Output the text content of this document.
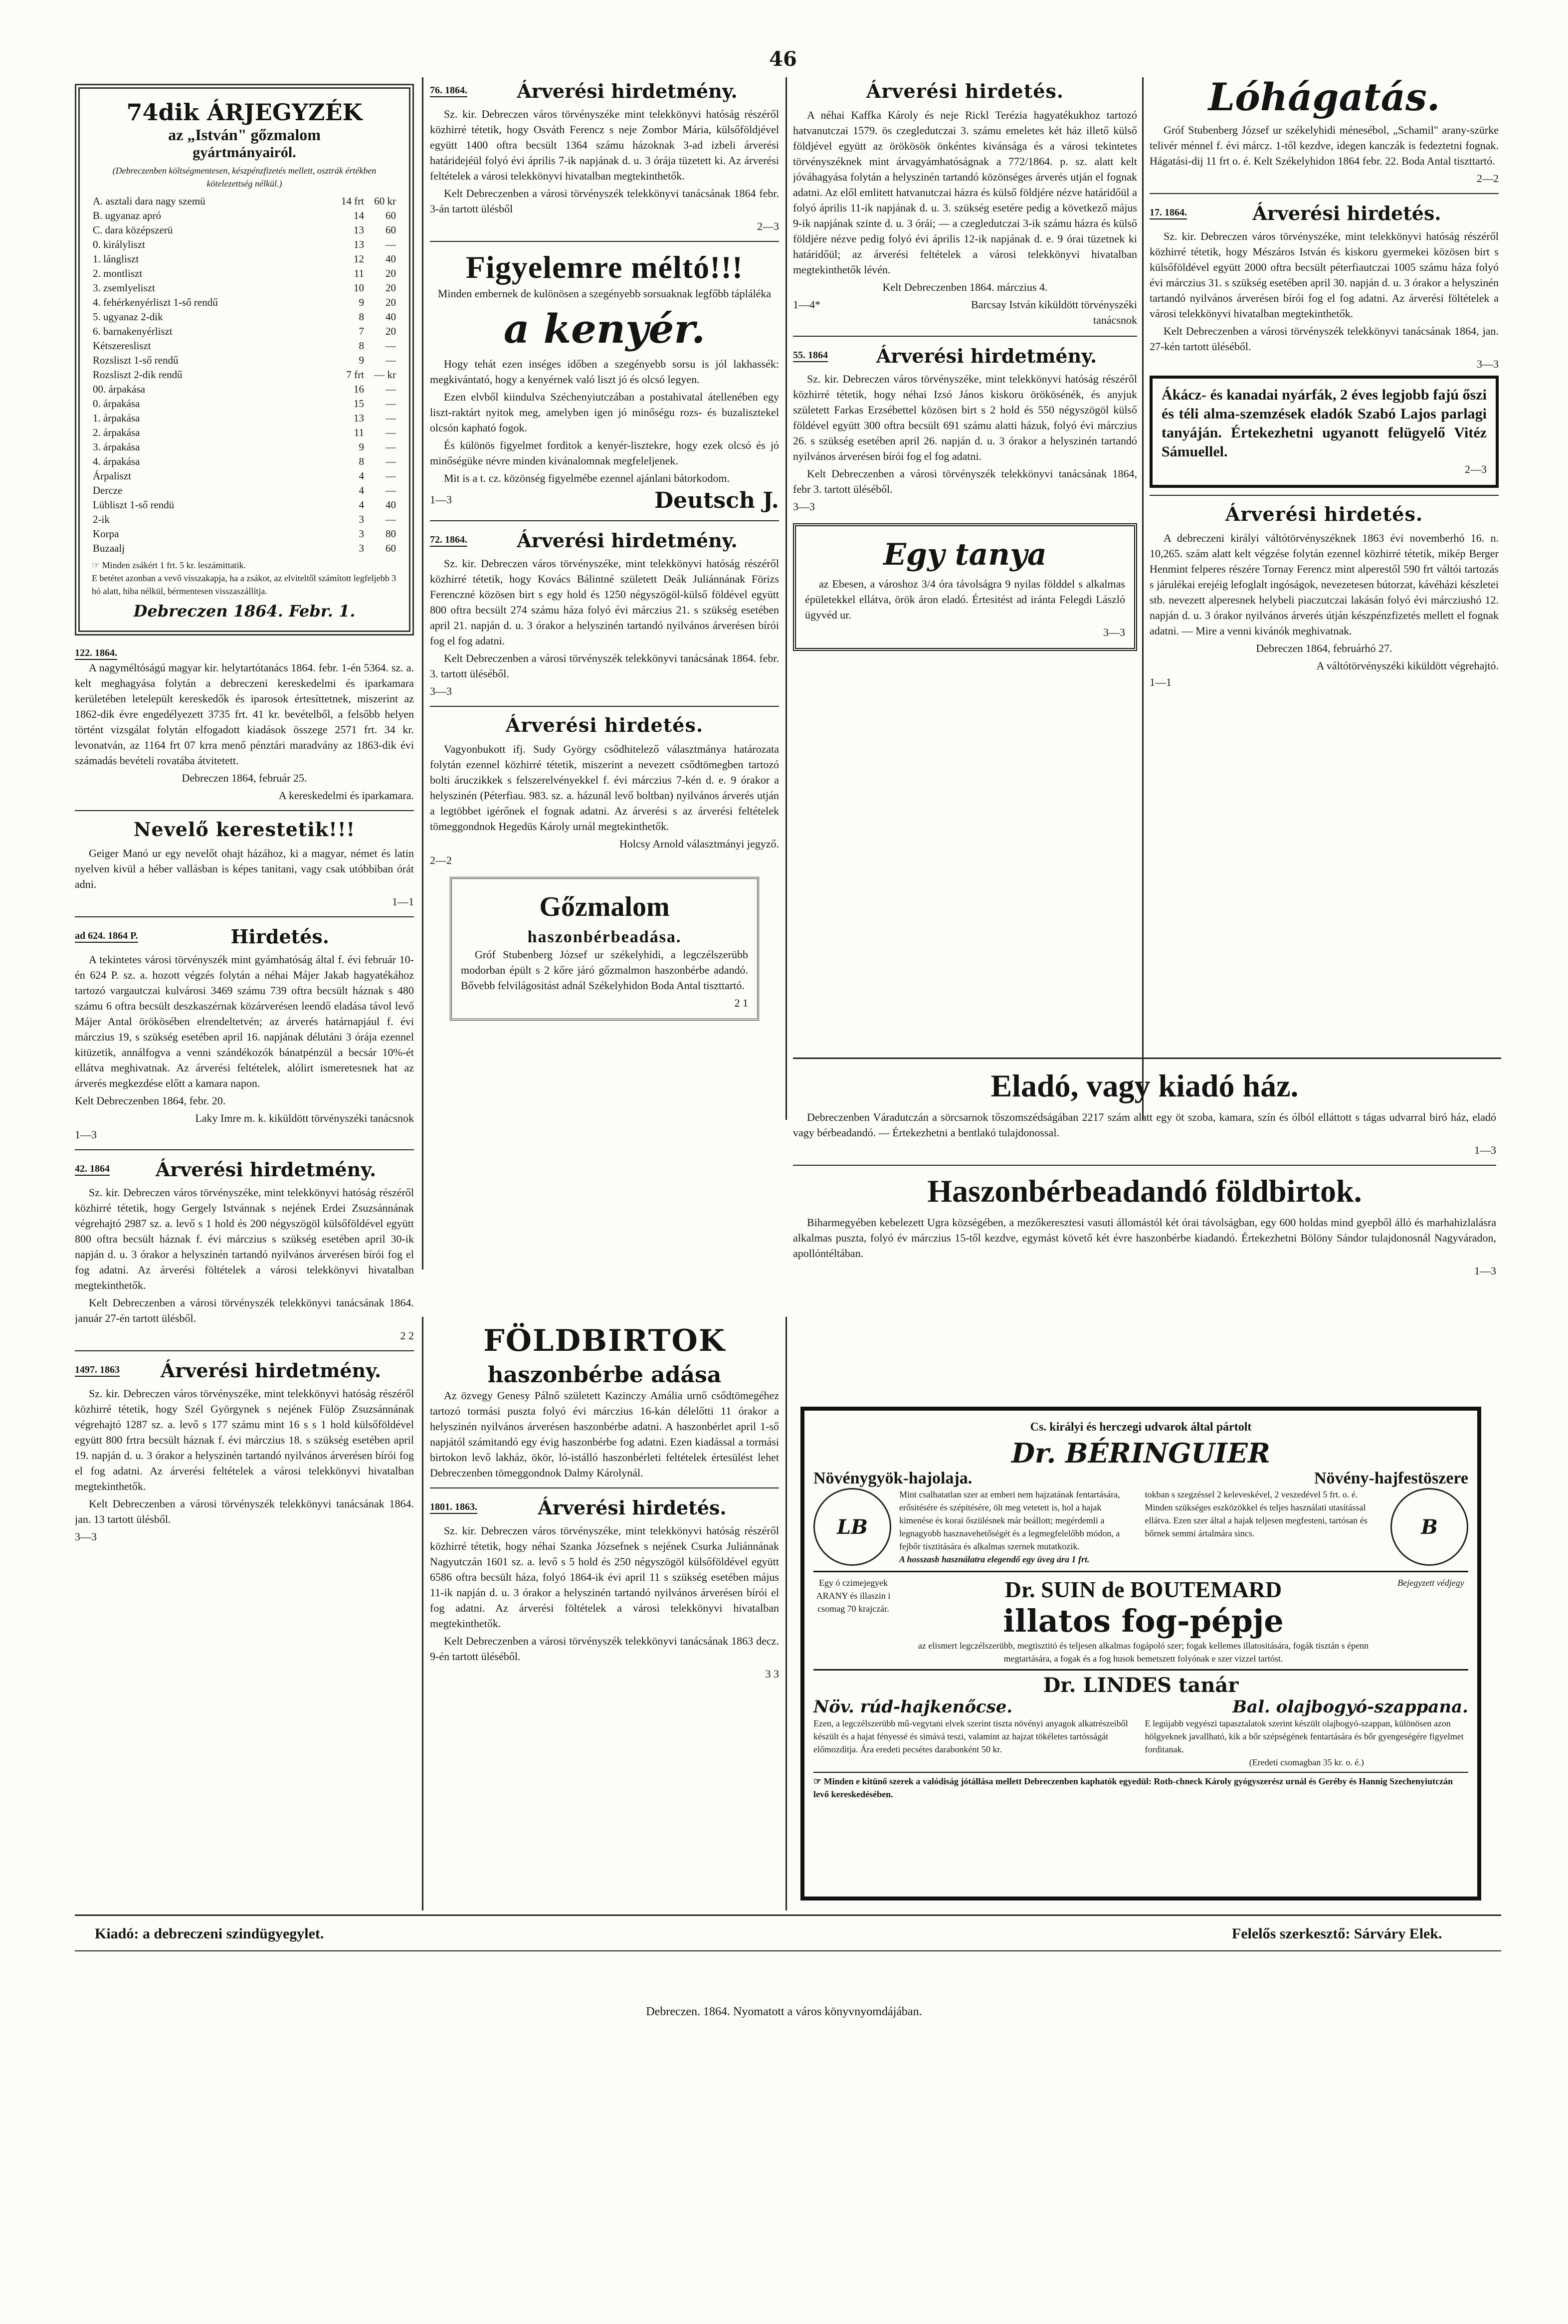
46
74dik ÁRJEGYZÉK
az „István" gőzmalom
gyártmányairól.
(Debreczenben költségmentesen, készpénzfizetés mellett, osztrák értékben kötelezettség nélkül.)
A. asztali dara nagy szemü	14 frt	60 kr
B. ugyanaz apró	14	60
C. dara középszerü	13	60
0. királyliszt	13	—
1. lángliszt	12	40
2. montliszt	11	20
3. zsemlyeliszt	10	20
4. fehérkenyérliszt 1-ső rendű	9	20
5. ugyanaz 2-dik	8	40
6. barnakenyérliszt	7	20
Kétszeresliszt	8	—
Rozsliszt 1-ső rendű	9	—
Rozsliszt 2-dik rendű	7 frt	— kr
00. árpakása	16	—
0. árpakása	15	—
1. árpakása	13	—
2. árpakása	11	—
3. árpakása	9	—
4. árpakása	8	—
Árpaliszt	4	—
Dercze	4	—
Lübliszt 1-ső rendü	4	40
2-ik	3	—
Korpa	3	80
Buzaalj	3	60
☞ Minden zsákért 1 frt. 5 kr. leszámittatik.
E betétet azonban a vevő visszakapja, ha a zsákot, az elviteltől számított legfeljebb 3 hó alatt, hiba nélkül, bérmentesen visszaszállítja.
Debreczen 1864. Febr. 1.
122. 1864.
A nagyméltóságú magyar kir. helytartótanács 1864. febr. 1-én 5364. sz. a. kelt meghagyása folytán a debreczeni kereskedelmi és iparkamara kerületében letelepült kereskedők és iparosok értesíttetnek, miszerint az 1862-dik évre engedélyezett 3735 frt. 41 kr. bevételből, a felsőbb helyen történt vizsgálat folytán elfogadott kiadások összege 2571 frt. 34 kr. levonatván, az 1164 frt 07 krra menő pénztári maradvány az 1863-dik évi számadás bevételi rovatába átvitetett.
Debreczen 1864, február 25.
A kereskedelmi és iparkamara.
Nevelő kerestetik!!!
Geiger Manó ur egy nevelőt ohajt házához, ki a magyar, német és latin nyelven kivül a héber vallásban is képes tanitani, vagy csak utóbbiban órát adni.
1—1
ad 624. 1864 P.	Hirdetés.
A tekintetes városi törvényszék mint gyámhatóság által f. évi február 10-én 624 P. sz. a. hozott végzés folytán a néhai Májer Jakab hagyatékához tartozó vargautczai kulvárosi 3469 számu 739 oftra becsült háznak s 480 számu 6 oftra becsült deszkaszérnak közárverésen leendő eladása távol levő Májer Antal örökösében elrendeltetvén; az árverés határnapjául f. évi márczius 19, s szükség esetében april 16. napjának délutáni 3 órája ezennel kitüzetik, annálfogva a venni szándékozók bánatpénzül a becsár 10%-ét ellátva meghivatnak. Az árverési feltételek, alólirt ismeretesnek hat az árverés megkezdése előtt a kamara napon.
Kelt Debreczenben 1864, febr. 20.
Laky Imre m. k. kiküldött törvényszéki tanácsnok
1—3
42. 1864	Árverési hirdetmény.
Sz. kir. Debreczen város törvényszéke, mint telekkönyvi hatóság részéről közhirré tétetik, hogy Gergely Istvánnak s nejének Erdei Zsuzsánnának végrehajtó 2987 sz. a. levő s 1 hold és 200 négyszögöl külsőföldével együtt 800 oftra becsült háznak f. évi márczius s szükség esetében april 30-ik napján d. u. 3 órakor a helyszinén tartandó nyilvános árverésen bírói fog el fog adatni. Az árverési föltételek a városi telekkönyvi hivatalban megtekinthetők.
Kelt Debreczenben a városi törvényszék telekkönyvi tanácsának 1864. január 27-én tartott ülésből.
2 2
1497. 1863	Árverési hirdetmény.
Sz. kir. Debreczen város törvényszéke, mint telekkönyvi hatóság részéről közhirré tétetik, hogy Szél Györgynek s nejének Fülöp Zsuzsánnának végrehajtó 1287 sz. a. levő s 177 számu mint 16 s s 1 hold külsőföldével együtt 800 frtra becsült háznak f. évi márczius 18. s szükség esetében april 19. napján d. u. 3 órakor a helyszinén tartandó nyilvános árverésen bírói fog el fog adatni. Az árverési feltételek a városi telekkönyvi hivatalban megtekinthetők.
Kelt Debreczenben a városi törvényszék telekkönyvi tanácsának 1864. jan. 13 tartott ülésből.
3—3
76. 1864.	Árverési hirdetmény.
Sz. kir. Debreczen város törvényszéke mint telekkönyvi hatóság részéről közhirré tétetik, hogy Osváth Ferencz s neje Zombor Mária, külsőföldjével együtt 1400 oftra becsült 1364 számu házoknak 3-ad izbeli árverési határidejéül folyó évi április 7-ik napjának d. u. 3 órája tüzetett ki. Az árverési feltételek a városi telekkönyvi hivatalban megtekinthetők.
Kelt Debreczenben a városi törvényszék telekkönyvi tanácsának 1864 febr. 3-án tartott ülésből
2—3
Figyelemre méltó!!!
Minden embernek de kulönösen a szegényebb sorsuaknak legfőbb tápláléka
a kenyér.
Hogy tehát ezen inséges időben a szegényebb sorsu is jól lakhassék: megkivántató, hogy a kenyérnek való liszt jó és olcsó legyen.
Ezen elvből kiindulva Széchenyiutczában a postahivatal átellenében egy liszt-raktárt nyitok meg, amelyben igen jó minőségu rozs- és buzalisztekel olcsón kapható fogok.
És különös figyelmet forditok a kenyér-lisztekre, hogy ezek olcsó és jó minőségüke névre minden kivánalomnak megfeleljenek.
Mit is a t. cz. közönség figyelmébe ezennel ajánlani bátorkodom.
1—3	Deutsch J.
72. 1864.	Árverési hirdetmény.
Sz. kir. Debreczen város törvényszéke, mint telekkönyvi hatóság részéről közhirré tétetik, hogy Kovács Bálintné született Deák Juliánnának Förizs Ferenczné közösen birt s egy hold és 1250 négyszögöl-külső földével együtt 800 oftra becsült 274 számu háza folyó évi márczius 21. s szükség esetében april 21. napján d. u. 3 órakor a helyszinén tartandó nyilvános árverésen bírói fog el fog adatni.
Kelt Debreczenben a városi törvényszék telekkönyvi tanácsának 1864. febr. 3. tartott üléséből.
3—3
Árverési hirdetés.
Vagyonbukott ifj. Sudy György csődhitelező választmánya határozata folytán ezennel közhirré tétetik, miszerint a nevezett csődtömegben tartozó bolti áruczikkek s felszerelvényekkel f. évi márczius 7-kén d. e. 9 órakor a helyszinén (Péterfiau. 983. sz. a. házunál levő boltban) nyilvános árverés utján a legtöbbet igérőnek el fognak adatni. Az árverési s az árverési feltételek tömeggondnok Hegedüs Károly urnál megtekinthetők.
Holcsy Arnold választmányi jegyző.
2—2
Gőzmalom
haszonbérbeadása.
Gróf Stubenberg József ur székelyhidi, a legczélszerübb modorban épült s 2 kőre járó gőzmalmon haszonbérbe adandó. Bővebb felvilágositást adnál Székelyhidon Boda Antal tiszttartó.
2 1
FÖLDBIRTOK
haszonbérbe adása
Az özvegy Genesy Pálnő született Kazinczy Amália urnő csődtömegéhez tartozó tormási puszta folyó évi márczius 16-kán délelőtti 11 órakor a helyszinén nyilvános árverésen haszonbérbe adatni. A haszonbérlet april 1-ső napjától számitandó egy évig haszonbérbe fog adatni. Ezen kiadással a tormási birtokon levő lakház, ökör, ló-istálló haszonbérleti feltételek értesülést lehet Debreczenben tömeggondnok Dalmy Károlynál.
1801. 1863.	Árverési hirdetés.
Sz. kir. Debreczen város törvényszéke, mint telekkönyvi hatóság részéről közhirré tétetik, hogy néhai Szanka Józsefnek s nejének Csurka Juliánnának Nagyutczán 1601 sz. a. levő s 5 hold és 250 négyszögöl külsőföldével együtt 6586 oftra becsült háza, folyó 1864-ik évi april 11 s szükség esetében május 11-ik napján d. u. 3 órakor a helyszinén tartandó nyilvános árverésen bírói el fog adatni. Az árverési föltételek a városi telekkönyvi hivatalban megtekinthetők.
Kelt Debreczenben a városi törvényszék telekkönyvi tanácsának 1863 decz. 9-én tartott üléséből.
3 3
Árverési hirdetés.
A néhai Kaffka Károly és neje Rickl Terézia hagyatékukhoz tartozó hatvanutczai 1579. ös czegledutczai 3. számu emeletes két ház illető külső földjével együtt az örökösök önkéntes kivánsága és a városi tekintetes törvényszéknek mint árvagyámhatóságnak a 772/1864. p. sz. alatt kelt jóváhagyása folytán a helyszinén tartandó közönséges árverés utján el fognak adatni. Az elől emlitett hatvanutczai házra és külső földjére nézve határidőül a folyó április 11-ik napjának d. u. 3. szükség esetére pedig a következő május 9-ik napjának szinte d. u. 3 órái; — a czegledutczai 3-ik számu házra és külső földjére nézve pedig folyó évi április 12-ik napjának d. e. 9 órai tüzetnek ki határidőül; az árverési feltételek a városi telekkönyvi hivatalban megtekinthetők lévén.
Kelt Debreczenben 1864. márczius 4.
1—4*	Barcsay István kiküldött törvényszéki tanácsnok
55. 1864	Árverési hirdetmény.
Sz. kir. Debreczen város törvényszéke, mint telekkönyvi hatóság részéről közhirré tétetik, hogy néhai Izsó János kiskoru örökösénék, és anyjuk született Farkas Erzsébettel közösen birt s 2 hold és 550 négyszögöl külső földével együtt 300 oftra becsült 691 számu alatti házuk, folyó évi márczius 26. s szükség esetében april 26. napján d. u. 3 órakor a helyszinén tartandó nyilvános árverésen bírói fog el fog adatni.
Kelt Debreczenben a városi törvényszék telekkönyvi tanácsának 1864, febr 3. tartott üléséből.
3—3
Egy tanya
az Ebesen, a városhoz 3/4 óra távolságra 9 nyilas földdel s alkalmas épületekkel ellátva, örök áron eladó. Értesitést ad iránta Felegdi László ügyvéd ur.
3—3
Lóhágatás.
Gróf Stubenberg József ur székelyhidi ménesébol, „Schamil" arany-szürke telivér ménnel f. évi márcz. 1-től kezdve, idegen kanczák is fedeztetni fognak. Hágatási-dij 11 frt o. é. Kelt Székelyhidon 1864 febr. 22. Boda Antal tiszttartó.
2—2
17. 1864.	Árverési hirdetés.
Sz. kir. Debreczen város törvényszéke, mint telekkönyvi hatóság részéről közhirré tétetik, hogy Mészáros István és kiskoru gyermekei közösen birt s külsőföldével együtt 2000 oftra becsült péterfiautczai 1005 számu háza folyó évi márczius 31. s szükség esetében april 30. napján d. u. 3 órakor a helyszinén tartandó nyilvános árverésen bírói fog el fog adatni. Az árverési föltételek a városi telekkönyvi hivatalban megtekinthetők.
Kelt Debreczenben a városi törvényszék telekkönyvi tanácsának 1864, jan. 27-kén tartott üléséből.
3—3
Ákácz- és kanadai nyárfák, 2 éves legjobb fajú őszi és téli alma-szemzések eladók Szabó Lajos parlagi tanyáján. Értekezhetni ugyanott felügyelő Vitéz Sámuellel.
2—3
Árverési hirdetés.
A debreczeni királyi váltótörvényszéknek 1863 évi novemberhó 16. n. 10,265. szám alatt kelt végzése folytán ezennel közhirré tétetik, mikép Berger Henmint felperes részére Tornay Ferencz mint alperestől 590 frt váltói tartozás s járulékai erejéig lefoglalt ingóságok, nevezetesen bútorzat, kávéházi készletei stb. nevezett alperesnek helybeli piaczutczai lakásán folyó évi márcziushó 12. napján d. u. 3 órakor nyilvános árverés útján készpénzfizetés mellett el fognak adatni. — Mire a venni kivánók meghivatnak.
Debreczen 1864, februárhó 27.
A váltótörvényszéki kiküldött végrehajtó.
1—1
Eladó, vagy kiadó ház.
Debreczenben Váradutczán a sörcsarnok tőszomszédságában 2217 szám alatt egy öt szoba, kamara, szín és ólból elláttott s tágas udvarral biró ház, eladó vagy bérbeadandó. — Értekezhetni a bentlakó tulajdonossal.
1—3
Haszonbérbeadandó földbirtok.
Biharmegyében kebelezett Ugra községében, a mezőkeresztesi vasuti állomástól két órai távolságban, egy 600 holdas mind gyepből álló és marhahizlalásra alkalmas puszta, folyó év márczius 15-től kezdve, egymást követő két évre haszonbérbe kiadandó. Értekezhetni Bölöny Sándor tulajdonosnál Nagyváradon, apollóntéltában.
1—3
Cs. királyi és herczegi udvarok által pártolt
Dr. BÉRINGUIER
Növénygyök-hajolaja.	Növény-hajfestöszere
LB
Mint csalhatatlan szer az emberi nem hajzatának fentartására, erősitésére és szépitésére, ölt meg vetetett is, hol a hajak kimenése és korai őszülésnek már beállott; megérdemli a legnagyobb hasznavehetőségét és a legmegfelelőbb módon, a fejbőr tisztitására és alkalmas szernek mutatkozik.
A hosszasb használatra elegendő egy üveg ára 1 frt.
tokban s szegzéssel 2 keleveskével, 2 veszedével 5 frt. o. é. Minden szükséges eszközökkel és teljes használati utasítással ellátva. Ezen szer által a hajak teljesen megfesteni, tartósan és bőrnek semmi ártalmára sincs.	B
Egy ó czimejegyek ARANY és illaszin i csomag 70 krajczár.
Dr. SUIN de BOUTEMARD
illatos fog-pépje
az elismert legczélszerübb, megtisztitó és teljesen alkalmas fogápoló szer; fogak kellemes illatositására, fogák tisztán s épenn megtartására, a fogak és a fog husok bemetszett folyónak e szer vizzel tartóst.
Bejegyzett védjegy
Dr. LINDES tanár
Növ. rúd-hajkenőcse.	Bal. olajbogyó-szappana.
Ezen, a legczélszerübb mű-vegytani elvek szerint tiszta növényi anyagok alkatrészeiből készült és a hajat fényessé és simává teszi, valamint az hajzat tökéletes tartósságát előmozditja. Ára eredeti pecsétes darabonként 50 kr.
E legújabb vegyészi tapasztalatok szerint készült olajbogyó-szappan, különösen azon hölgyeknek javallható, kik a bőr szépségének fentartására és bőr gyengeségére figyelmet forditanak.
(Eredeti csomagban 35 kr. o. é.)
☞ Minden e kitünő szerek a valódiság jótállása mellett Debreczenben kaphatók egyedül: Roth-chneck Károly gyógyszerész urnál és Geréby és Hannig Szechenyiutczán levő kereskedésében.
Kiadó: a debreczeni szindügyegylet.	Felelős szerkesztő: Sárváry Elek.
Debreczen. 1864. Nyomatott a város könyvnyomdájában.
